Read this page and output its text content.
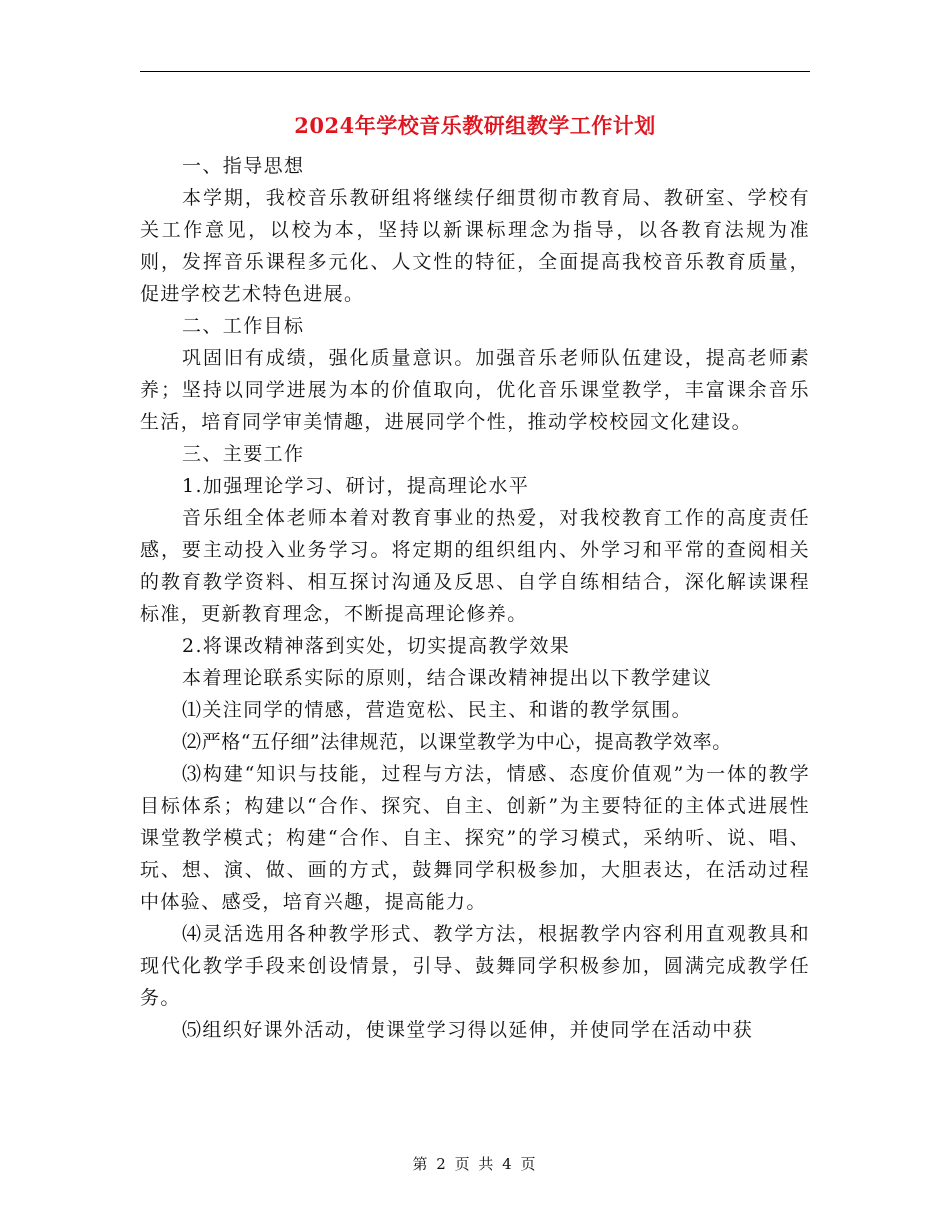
2024年学校音乐教研组教学工作计划

一、指导思想

本学期，我校音乐教研组将继续仔细贯彻市教育局、教研室、学校有关工作意见，以校为本，坚持以新课标理念为指导，以各教育法规为准则，发挥音乐课程多元化、人文性的特征，全面提高我校音乐教育质量，促进学校艺术特色进展。

二、工作目标

巩固旧有成绩，强化质量意识。加强音乐老师队伍建设，提高老师素养；坚持以同学进展为本的价值取向，优化音乐课堂教学，丰富课余音乐生活，培育同学审美情趣，进展同学个性，推动学校校园文化建设。

三、主要工作

1.加强理论学习、研讨，提高理论水平

音乐组全体老师本着对教育事业的热爱，对我校教育工作的高度责任感，要主动投入业务学习。将定期的组织组内、外学习和平常的查阅相关的教育教学资料、相互探讨沟通及反思、自学自练相结合，深化解读课程标准，更新教育理念，不断提高理论修养。

2.将课改精神落到实处，切实提高教学效果

本着理论联系实际的原则，结合课改精神提出以下教学建议

⑴关注同学的情感，营造宽松、民主、和谐的教学氛围。

⑵严格“五仔细”法律规范，以课堂教学为中心，提高教学效率。

⑶构建“知识与技能，过程与方法，情感、态度价值观”为一体的教学目标体系；构建以“合作、探究、自主、创新”为主要特征的主体式进展性课堂教学模式；构建“合作、自主、探究”的学习模式，采纳听、说、唱、玩、想、演、做、画的方式，鼓舞同学积极参加，大胆表达，在活动过程中体验、感受，培育兴趣，提高能力。

⑷灵活选用各种教学形式、教学方法，根据教学内容利用直观教具和现代化教学手段来创设情景，引导、鼓舞同学积极参加，圆满完成教学任务。

⑸组织好课外活动，使课堂学习得以延伸，并使同学在活动中获

第 2 页 共 4 页
